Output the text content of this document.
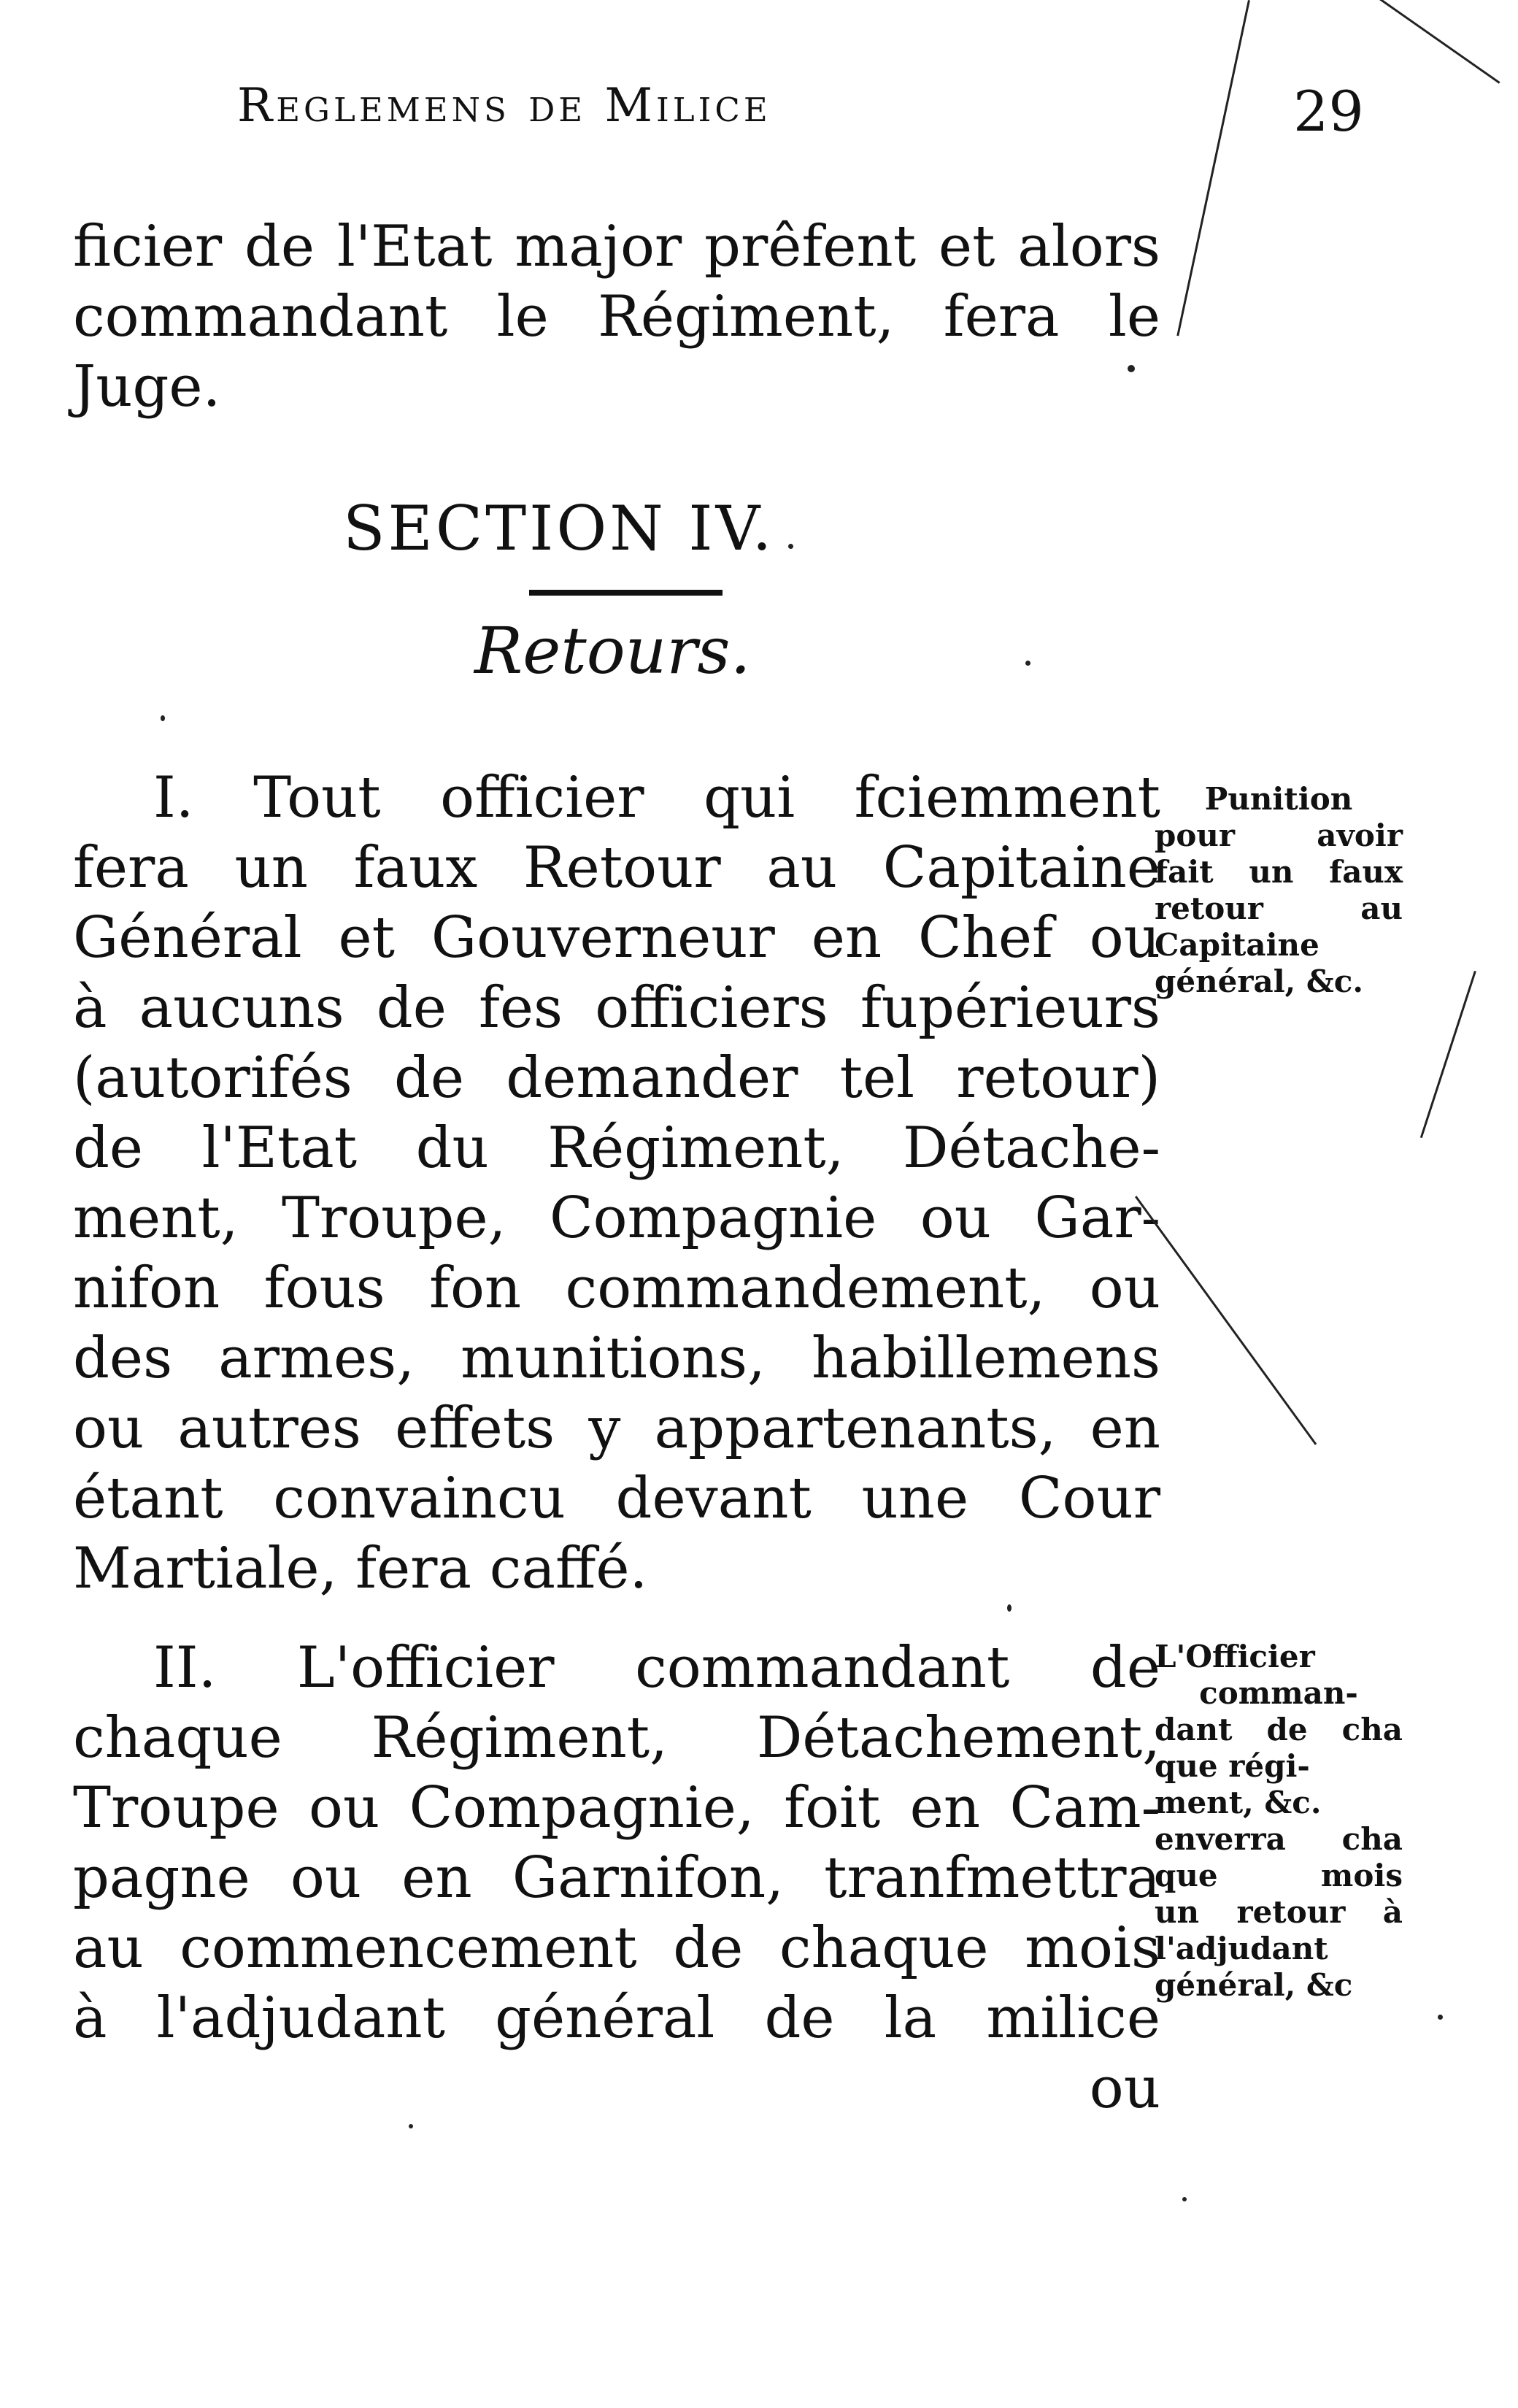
Reglemens de Milice	29
ficier de l'Etat major prêfent et alors
commandant le Régiment, fera le
Juge.
SECTION IV.
Retours.
I. Tout officier qui fciemment
fera un faux Retour au Capitaine
Général et Gouverneur en Chef ou
à aucuns de fes officiers fupérieurs
(autorifés de demander tel retour)
de l'Etat du Régiment, Détache-
ment, Troupe, Compagnie ou Gar-
nifon fous fon commandement, ou
des armes, munitions, habillemens
ou autres effets y appartenants, en
étant convaincu devant une Cour
Martiale, fera caffé.
II. L'officier commandant de
chaque Régiment, Détachement,
Troupe ou Compagnie, foit en Cam-
pagne ou en Garnifon, tranfmettra
au commencement de chaque mois
à l'adjudant général de la milice
ou
Punition
pour avoir
fait un faux
retour au
Capitaine
général, &c.
L'Officier
comman-
dant de cha
que régi-
ment, &c.
enverra cha
que mois
un retour à
l'adjudant
général, &c
